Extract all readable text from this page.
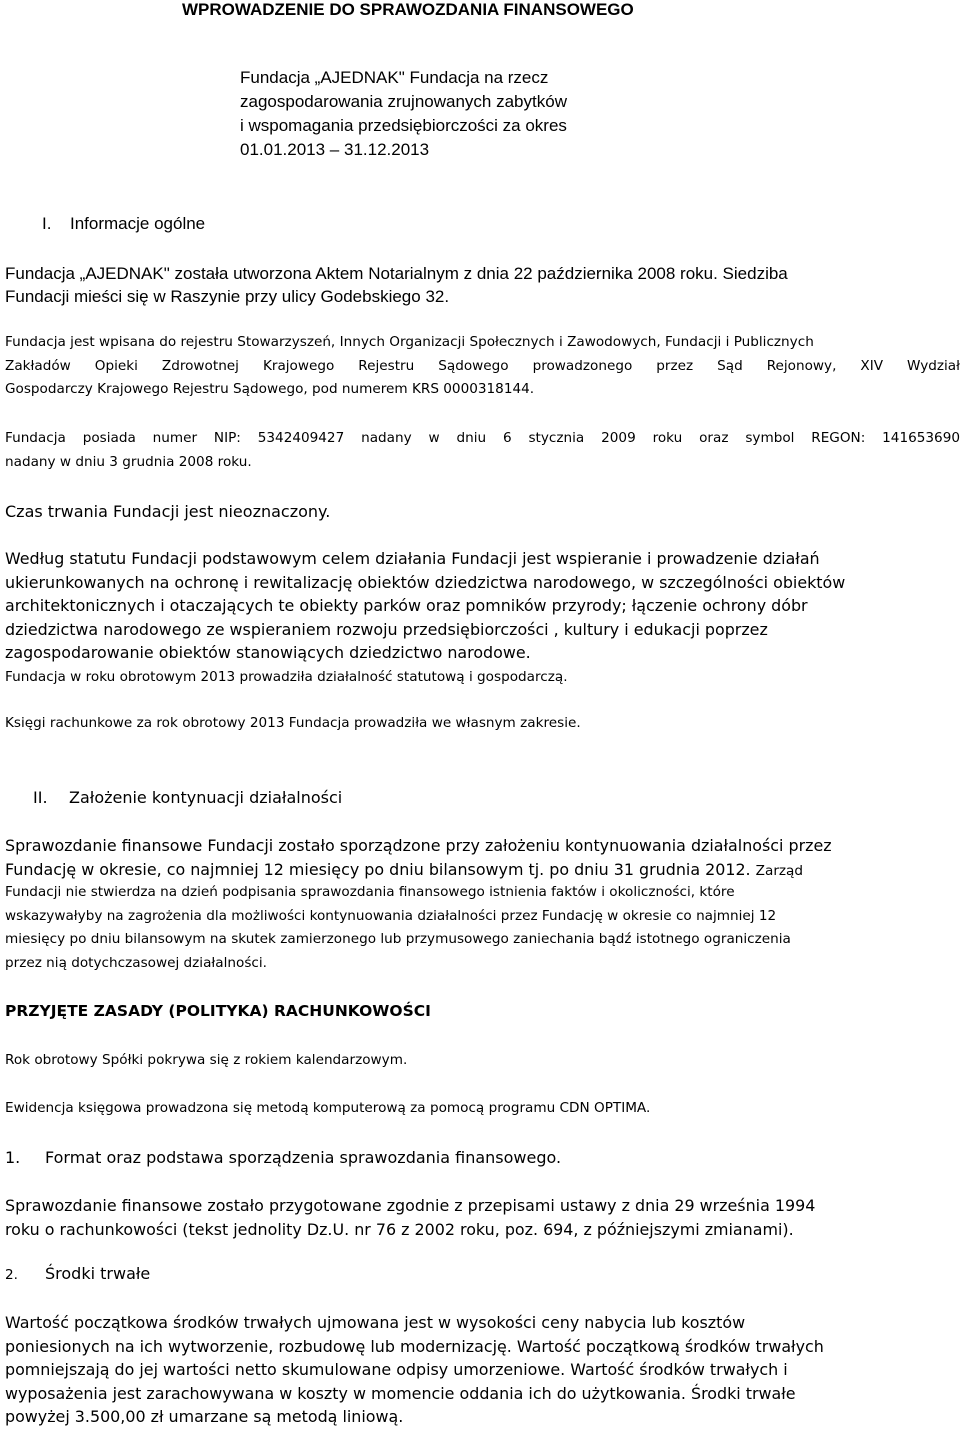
WPROWADZENIE DO SPRAWOZDANIA FINANSOWEGO
Fundacja „AJEDNAK" Fundacja na rzecz
zagospodarowania zrujnowanych zabytków
i wspomagania przedsiębiorczości za okres
01.01.2013 – 31.12.2013
I. Informacje ogólne
Fundacja „AJEDNAK" została utworzona Aktem Notarialnym z dnia 22 października 2008 roku. Siedziba
Fundacji mieści się w Raszynie przy ulicy Godebskiego 32.
Fundacja jest wpisana do rejestru Stowarzyszeń, Innych Organizacji Społecznych i Zawodowych, Fundacji i Publicznych
Zakładów Opieki Zdrowotnej Krajowego Rejestru Sądowego prowadzonego przez Sąd Rejonowy, XIV Wydział
Gospodarczy Krajowego Rejestru Sądowego, pod numerem KRS 0000318144.
Fundacja posiada numer NIP: 5342409427 nadany w dniu 6 stycznia 2009 roku oraz symbol REGON: 141653690
nadany w dniu 3 grudnia 2008 roku.
Czas trwania Fundacji jest nieoznaczony.
Według statutu Fundacji podstawowym celem działania Fundacji jest wspieranie i prowadzenie działań
ukierunkowanych na ochronę i rewitalizację obiektów dziedzictwa narodowego, w szczególności obiektów
architektonicznych i otaczających te obiekty parków oraz pomników przyrody; łączenie ochrony dóbr
dziedzictwa narodowego ze wspieraniem rozwoju przedsiębiorczości , kultury i edukacji poprzez
zagospodarowanie obiektów stanowiących dziedzictwo narodowe.
Fundacja w roku obrotowym 2013 prowadziła działalność statutową i gospodarczą.
Księgi rachunkowe za rok obrotowy 2013 Fundacja prowadziła we własnym zakresie.
II. Założenie kontynuacji działalności
Sprawozdanie finansowe Fundacji zostało sporządzone przy założeniu kontynuowania działalności przez
Fundację w okresie, co najmniej 12 miesięcy po dniu bilansowym tj. po dniu 31 grudnia 2012. Zarząd
Fundacji nie stwierdza na dzień podpisania sprawozdania finansowego istnienia faktów i okoliczności, które
wskazywałyby na zagrożenia dla możliwości kontynuowania działalności przez Fundację w okresie co najmniej 12
miesięcy po dniu bilansowym na skutek zamierzonego lub przymusowego zaniechania bądź istotnego ograniczenia
przez nią dotychczasowej działalności.
PRZYJĘTE ZASADY (POLITYKA) RACHUNKOWOŚCI
Rok obrotowy Spółki pokrywa się z rokiem kalendarzowym.
Ewidencja księgowa prowadzona się metodą komputerową za pomocą programu CDN OPTIMA.
1. Format oraz podstawa sporządzenia sprawozdania finansowego.
Sprawozdanie finansowe zostało przygotowane zgodnie z przepisami ustawy z dnia 29 września 1994
roku o rachunkowości (tekst jednolity Dz.U. nr 76 z 2002 roku, poz. 694, z późniejszymi zmianami).
2. Środki trwałe
Wartość początkowa środków trwałych ujmowana jest w wysokości ceny nabycia lub kosztów
poniesionych na ich wytworzenie, rozbudowę lub modernizację. Wartość początkową środków trwałych
pomniejszają do jej wartości netto skumulowane odpisy umorzeniowe. Wartość środków trwałych i
wyposażenia jest zarachowywana w koszty w momencie oddania ich do użytkowania. Środki trwałe
powyżej 3.500,00 zł umarzane są metodą liniową.
